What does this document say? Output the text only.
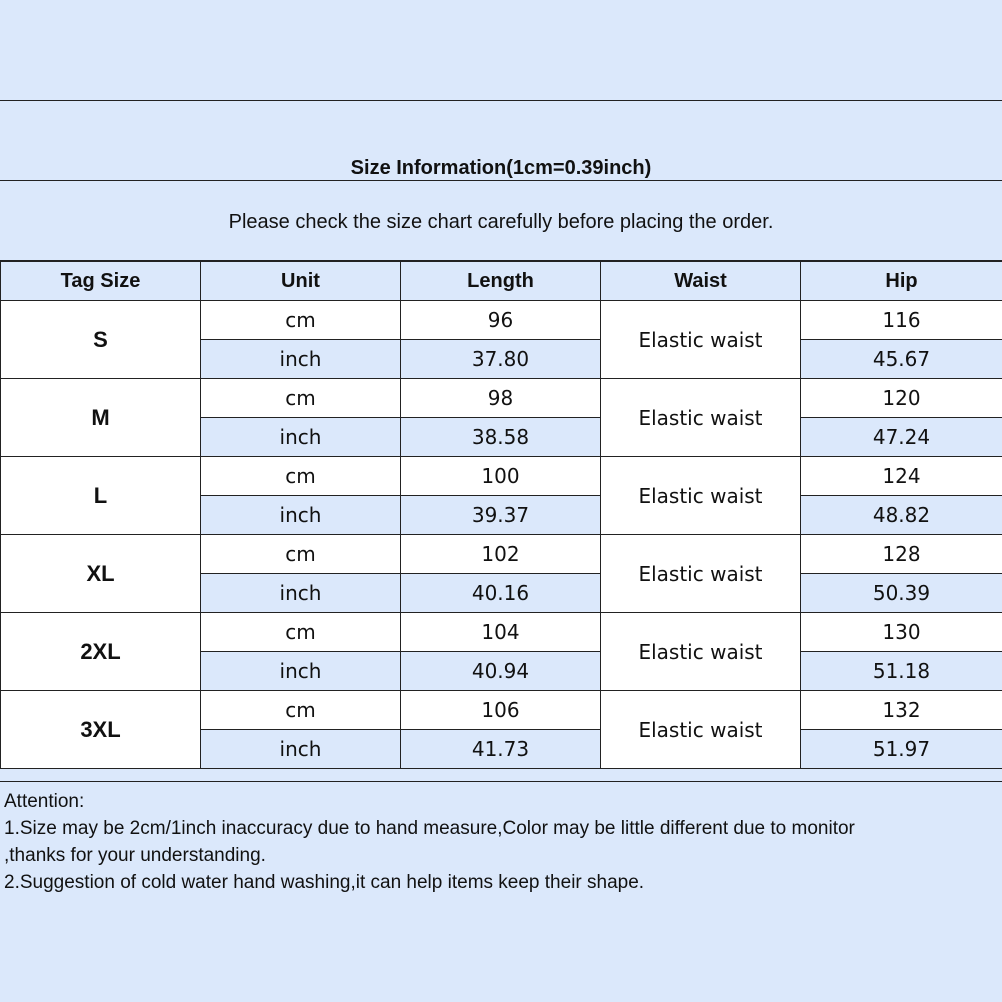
Size Information(1cm=0.39inch)
Please check the size chart carefully before placing the order.
Tag Size	Unit	Length	Waist	Hip
S	cm	96	Elastic waist	116
	inch	37.80		45.67
M	cm	98	Elastic waist	120
	inch	38.58		47.24
L	cm	100	Elastic waist	124
	inch	39.37		48.82
XL	cm	102	Elastic waist	128
	inch	40.16		50.39
2XL	cm	104	Elastic waist	130
	inch	40.94		51.18
3XL	cm	106	Elastic waist	132
	inch	41.73		51.97
Attention:
1.Size may be 2cm/1inch inaccuracy due to hand measure,Color may be little different due to monitor
,thanks for your understanding.
2.Suggestion of cold water hand washing,it can help items keep their shape.
